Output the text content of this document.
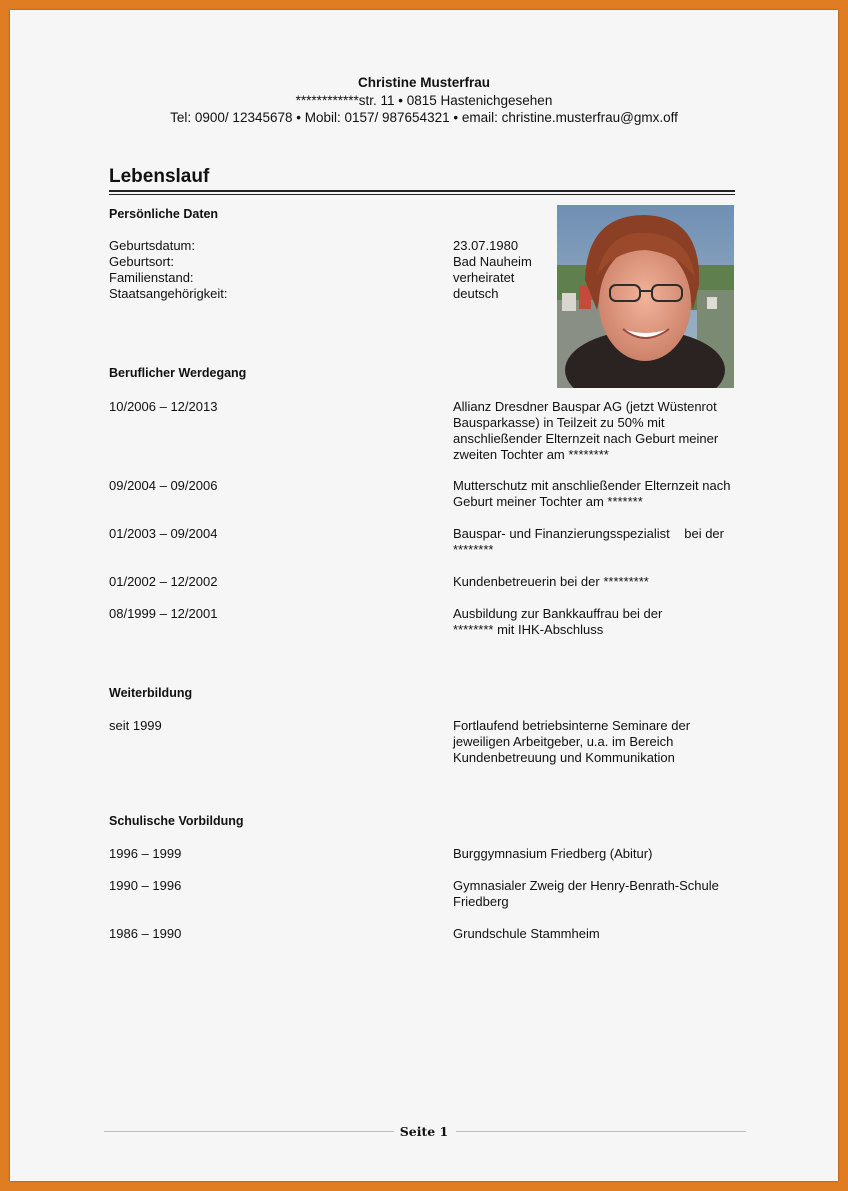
Christine Musterfrau
************str. 11 • 0815 Hastenichgesehen
Tel: 0900/ 12345678 • Mobil: 0157/ 987654321 • email: christine.musterfrau@gmx.off
Lebenslauf
Persönliche Daten
Geburtsdatum:	23.07.1980
Geburtsort:	Bad Nauheim
Familienstand:	verheiratet
Staatsangehörigkeit:	deutsch
Beruflicher Werdegang
10/2006 – 12/2013	Allianz Dresdner Bauspar AG (jetzt Wüstenrot Bausparkasse) in Teilzeit zu 50% mit anschließender Elternzeit nach Geburt meiner zweiten Tochter am ********
09/2004 – 09/2006	Mutterschutz mit anschließender Elternzeit nach Geburt meiner Tochter am *******
01/2003 – 09/2004	Bauspar- und Finanzierungsspezialist    bei der ********
01/2002 – 12/2002	Kundenbetreuerin bei der *********
08/1999 – 12/2001	Ausbildung zur Bankkauffrau bei der ******** mit IHK-Abschluss
Weiterbildung
seit 1999	Fortlaufend betriebsinterne Seminare der jeweiligen Arbeitgeber, u.a. im Bereich Kundenbetreuung und Kommunikation
Schulische Vorbildung
1996 – 1999	Burggymnasium Friedberg (Abitur)
1990 – 1996	Gymnasialer Zweig der Henry-Benrath-Schule Friedberg
1986 – 1990	Grundschule Stammheim
Seite 1
